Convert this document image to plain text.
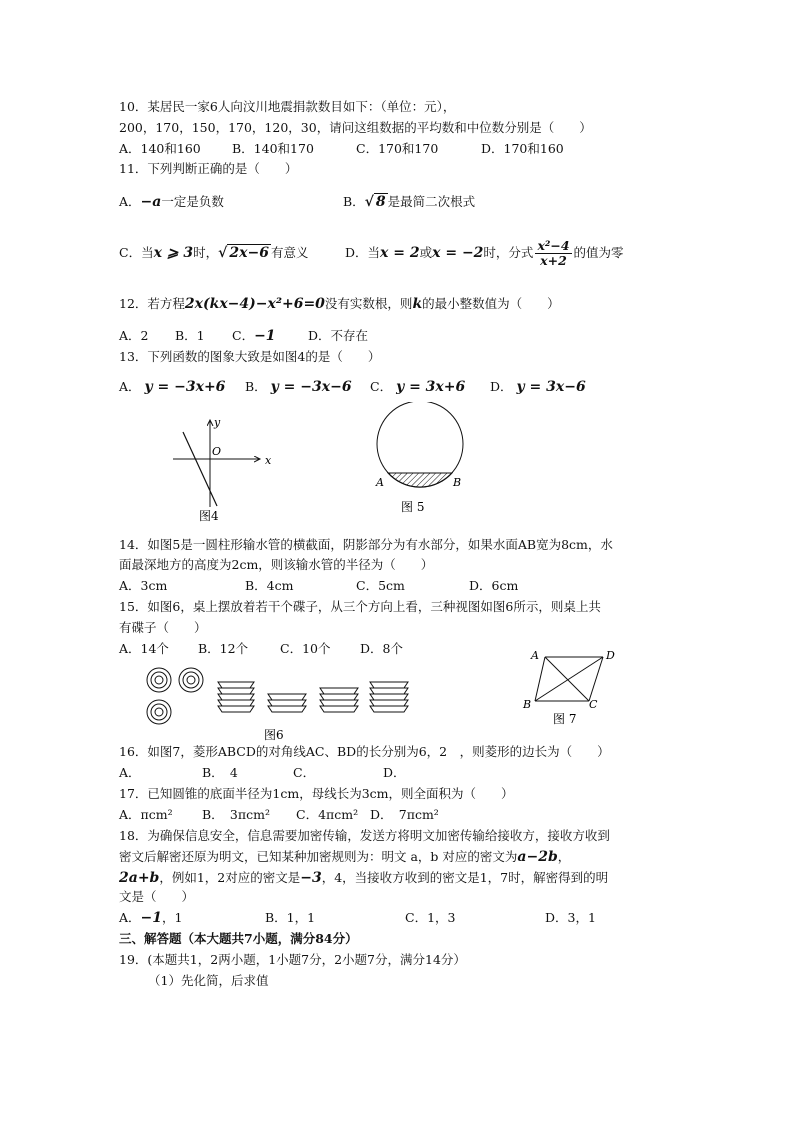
10．某居民一家6人向汶川地震捐款数目如下：（单位：元），
200，170，150，170，120，30，请问这组数据的平均数和中位数分别是（　　）
A．140和160	B．140和170	C．170和170	D．170和160
11．下列判断正确的是（　　）
A．−a一定是负数	B．√ 8 是最简二次根式
C．当x ⩾ 3时，√ 2x−6 有意义	D．当x = 2或x = −2时，分式 $\frac{\text{x²−4}}{x+2}$ 的值为零
12．若方程2x(kx−4)−x²+6=0没有实数根，则k的最小整数值为（　　）
A．2 B．1 C．−1	D．不存在
13．下列函数的图象大致是如图4的是（　　）
A． y = −3x+6 B． y = −3x−6 C． y = 3x+6 D． y = 3x−6
x
y
O
图4
A	B
图 5
14．如图5是一圆柱形输水管的横截面，阴影部分为有水部分，如果水面AB宽为8cm，水
面最深地方的高度为2cm，则该输水管的半径为（　　）
A．3cm	B．4cm	C．5cm	D．6cm
15．如图6，桌上摆放着若干个碟子，从三个方向上看，三种视图如图6所示，则桌上共
有碟子（　　）
A．14个 B．12个	C．10个 D．8个
图6
A	D
B	C
图 7
16．如图7，菱形ABCD的对角线AC、BD的长分别为6，2　，则菱形的边长为（　　）
A．	B．　4	C．	D．
17．已知圆锥的底面半径为1cm，母线长为3cm，则全面积为（　　）
A．πcm² B．　3πcm² C．4πcm² D．　7πcm²
18．为确保信息安全，信息需要加密传输，发送方将明文加密传输给接收方，接收方收到
密文后解密还原为明文，已知某种加密规则为：明文 a，b 对应的密文为a−2b，
2a+b，例如1，2对应的密文是−3，4，当接收方收到的密文是1，7时，解密得到的明
文是（　　）
A．−1，1	B．1，1	C．1，3	D．3，1
三、解答题（本大题共7小题，满分84分）
19．(本题共1，2两小题，1小题7分，2小题7分，满分14分）
（1）先化简，后求值
